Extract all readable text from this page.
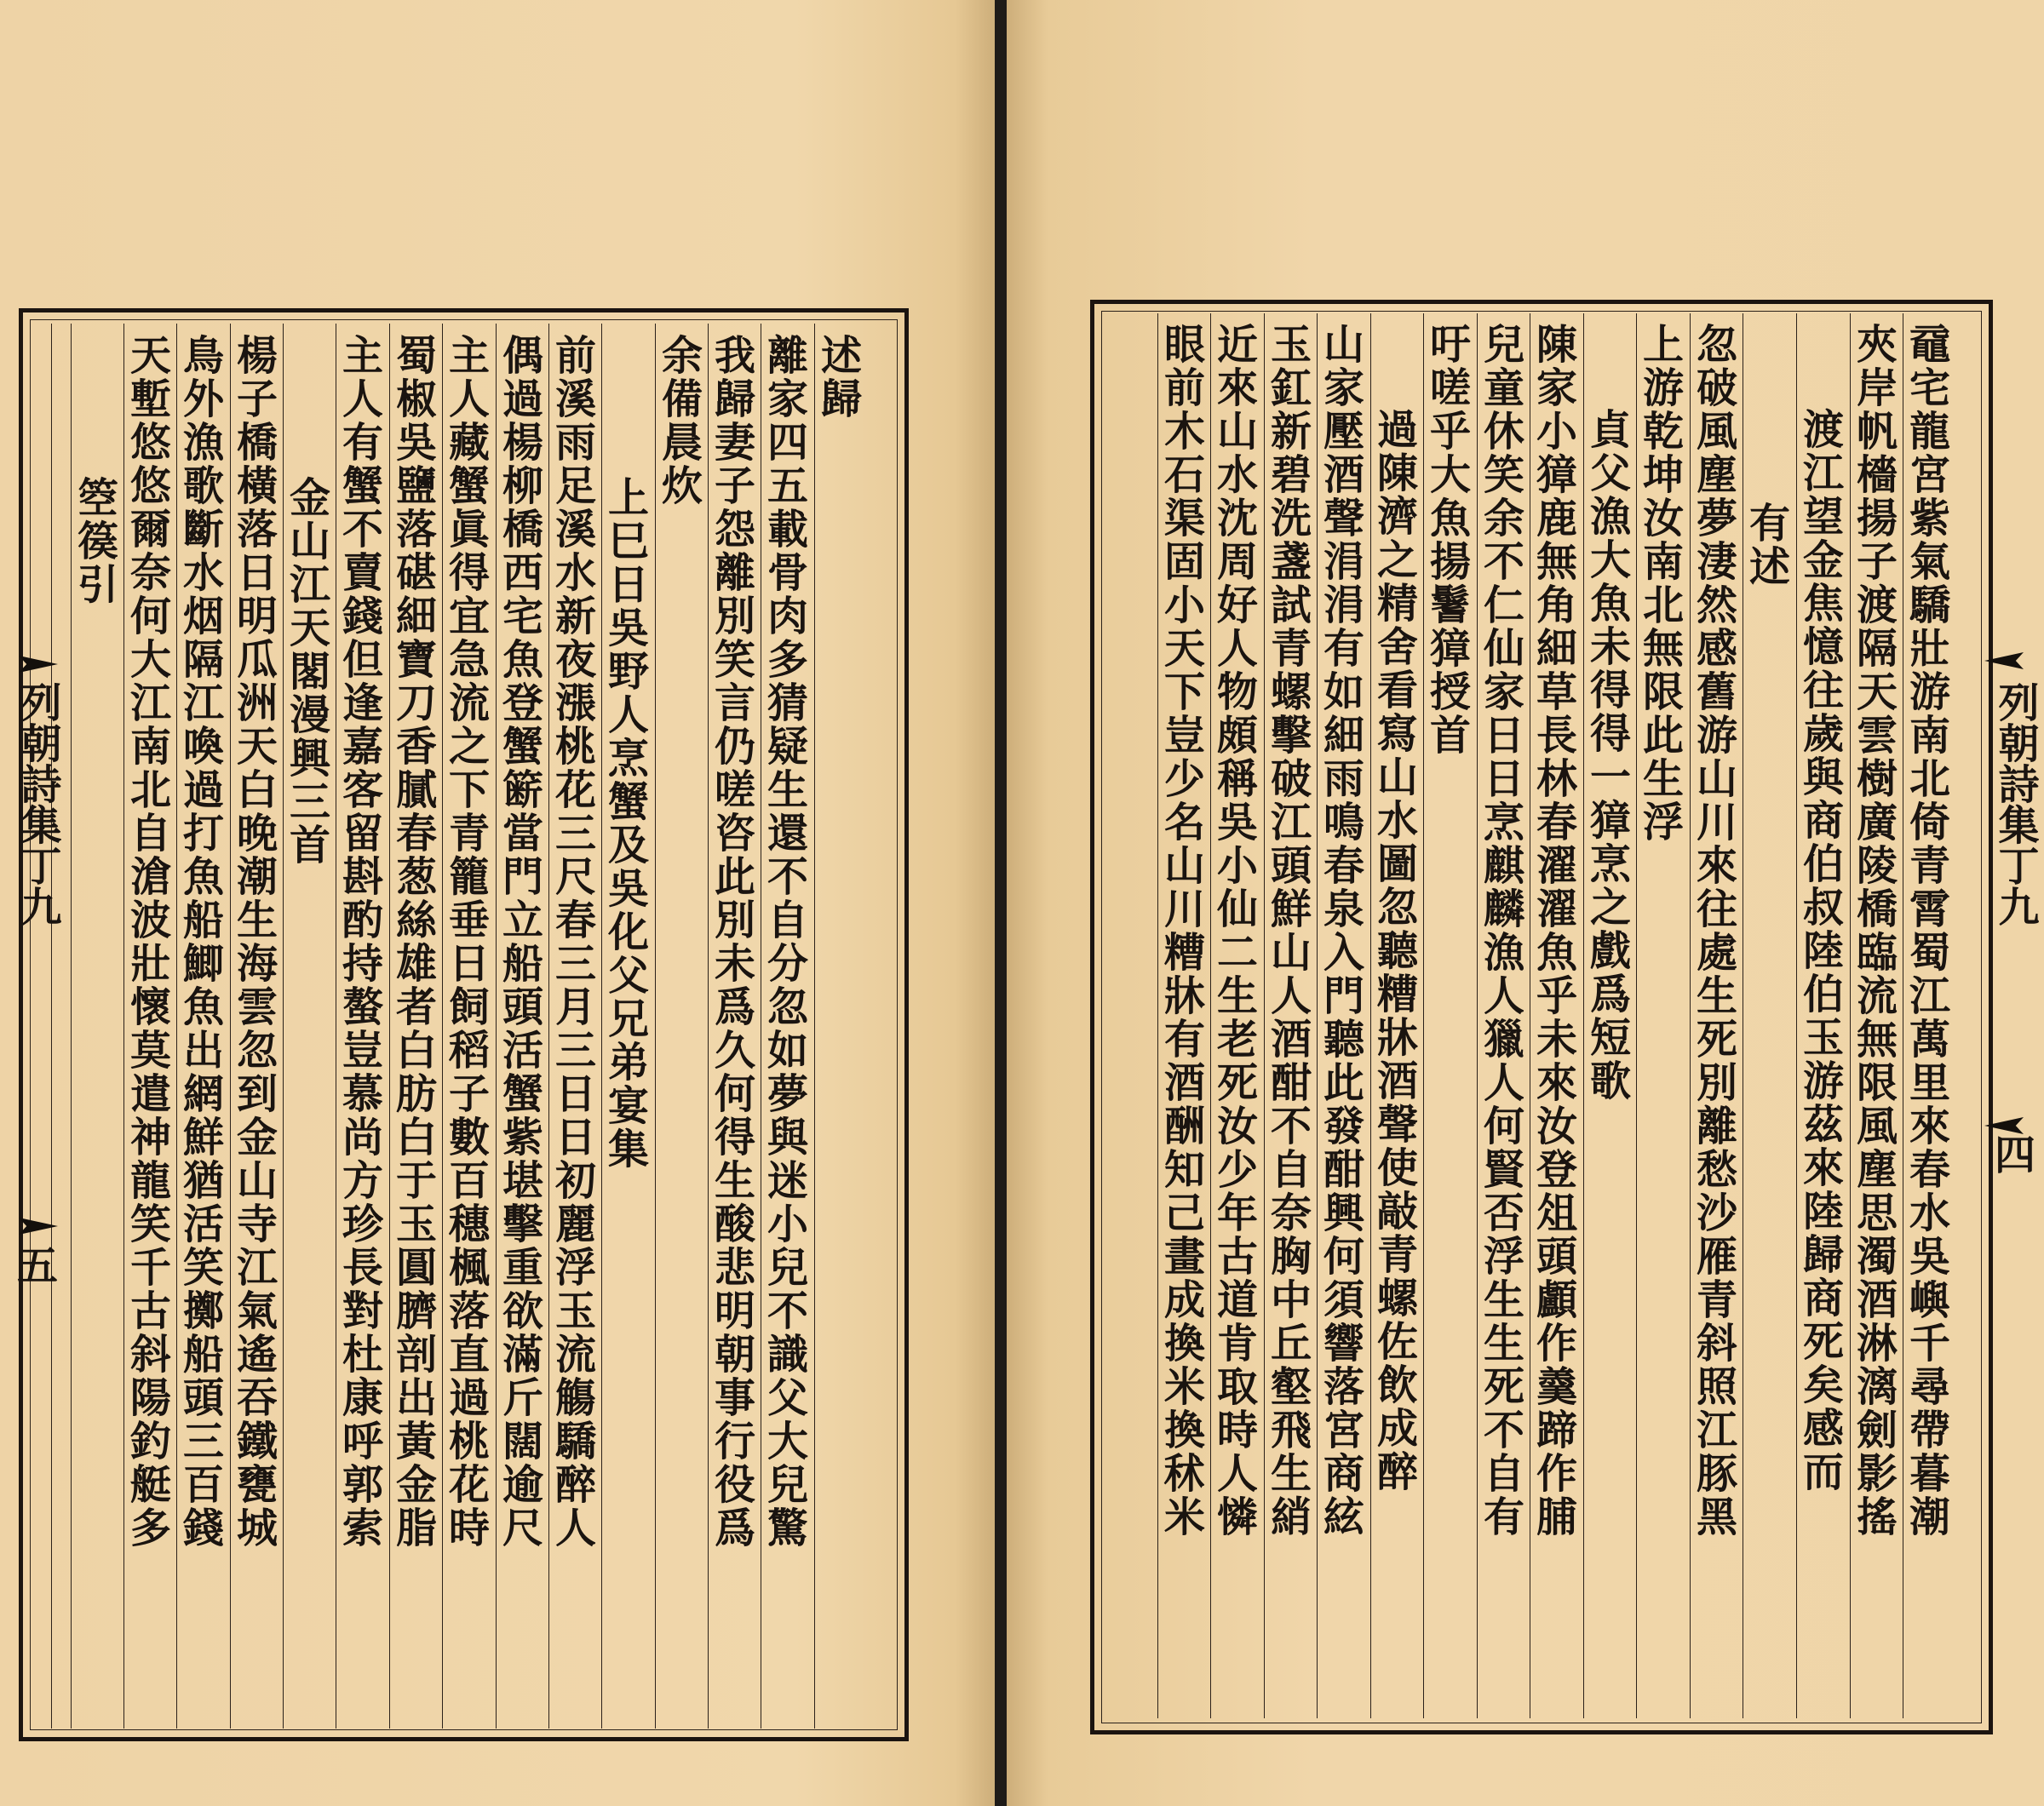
列朝詩集丁九
五
列朝詩集丁九
四
述
歸
離
家
四
五
載
骨
肉
多
猜
疑
生
還
不
自
分
忽
如
夢
與
迷
小
兒
不
識
父
大
兒
驚
我
歸
妻
子
怨
離
別
笑
言
仍
嗟
咨
此
別
未
爲
久
何
得
生
酸
悲
明
朝
事
行
役
爲
余
備
晨
炊
上
巳
日
吳
野
人
烹
蟹
及
吳
化
父
兄
弟
宴
集
前
溪
雨
足
溪
水
新
夜
漲
桃
花
三
尺
春
三
月
三
日
日
初
麗
浮
玉
流
觴
驕
醉
人
偶
過
楊
柳
橋
西
宅
魚
登
蟹
簖
當
門
立
船
頭
活
蟹
紫
堪
擊
重
欲
滿
斤
闊
逾
尺
主
人
藏
蟹
眞
得
宜
急
流
之
下
青
籠
垂
日
飼
稻
子
數
百
穗
楓
落
直
過
桃
花
時
蜀
椒
吳
鹽
落
碪
細
寶
刀
香
膩
春
葱
絲
雄
者
白
肪
白
于
玉
圓
臍
剖
出
黃
金
脂
主
人
有
蟹
不
賣
錢
但
逢
嘉
客
留
斟
酌
持
螯
豈
慕
尚
方
珍
長
對
杜
康
呼
郭
索
金
山
江
天
閣
漫
興
三
首
楊
子
橋
橫
落
日
明
瓜
洲
天
白
晚
潮
生
海
雲
忽
到
金
山
寺
江
氣
遙
吞
鐵
甕
城
鳥
外
漁
歌
斷
水
烟
隔
江
喚
過
打
魚
船
鯽
魚
出
網
鮮
猶
活
笑
擲
船
頭
三
百
錢
天
塹
悠
悠
爾
奈
何
大
江
南
北
自
滄
波
壯
懷
莫
遣
神
龍
笑
千
古
斜
陽
釣
艇
多
箜
篌
引
黿
宅
龍
宮
紫
氣
驕
壯
游
南
北
倚
青
霄
蜀
江
萬
里
來
春
水
吳
嶼
千
尋
帶
暮
潮
夾
岸
帆
檣
揚
子
渡
隔
天
雲
樹
廣
陵
橋
臨
流
無
限
風
塵
思
濁
酒
淋
漓
劍
影
搖
渡
江
望
金
焦
憶
往
歲
與
商
伯
叔
陸
伯
玉
游
茲
來
陸
歸
商
死
矣
感
而
有
述
忽
破
風
塵
夢
淒
然
感
舊
游
山
川
來
往
處
生
死
別
離
愁
沙
雁
青
斜
照
江
豚
黑
上
游
乾
坤
汝
南
北
無
限
此
生
浮
貞
父
漁
大
魚
未
得
得
一
獐
烹
之
戲
爲
短
歌
陳
家
小
獐
鹿
無
角
細
草
長
林
春
濯
濯
魚
乎
未
來
汝
登
俎
頭
顱
作
羹
蹄
作
脯
兒
童
休
笑
余
不
仁
仙
家
日
日
烹
麒
麟
漁
人
獵
人
何
賢
否
浮
生
生
死
不
自
有
吁
嗟
乎
大
魚
揚
鬐
獐
授
首
過
陳
濟
之
精
舍
看
寫
山
水
圖
忽
聽
糟
牀
酒
聲
使
敲
青
螺
佐
飲
成
醉
山
家
壓
酒
聲
涓
涓
有
如
細
雨
鳴
春
泉
入
門
聽
此
發
酣
興
何
須
響
落
宮
商
絃
玉
釭
新
碧
洗
盞
試
青
螺
擊
破
江
頭
鮮
山
人
酒
酣
不
自
奈
胸
中
丘
壑
飛
生
綃
近
來
山
水
沈
周
好
人
物
頗
稱
吳
小
仙
二
生
老
死
汝
少
年
古
道
肯
取
時
人
憐
眼
前
木
石
渠
固
小
天
下
豈
少
名
山
川
糟
牀
有
酒
酬
知
己
畫
成
換
米
換
秫
米
